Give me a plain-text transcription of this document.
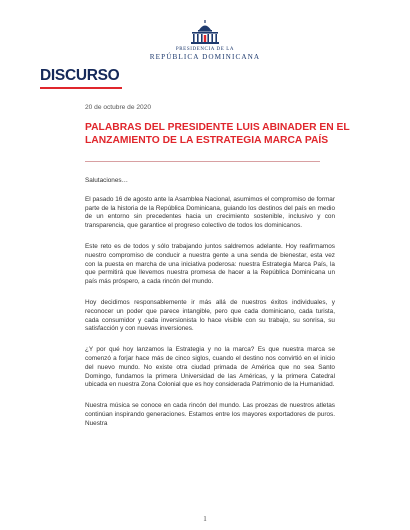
PRESIDENCIA DE LA
REPÚBLICA DOMINICANA
DISCURSO
20 de octubre de 2020
PALABRAS DEL PRESIDENTE LUIS ABINADER EN EL LANZAMIENTO DE LA ESTRATEGIA MARCA PAÍS

Salutaciones…

El pasado 16 de agosto ante la Asamblea Nacional, asumimos el compromiso de formar parte de la historia de la República Dominicana, guiando los destinos del país en medio de un entorno sin precedentes hacia un crecimiento sostenible, inclusivo y con transparencia, que garantice el progreso colectivo de todos los dominicanos.

Este reto es de todos y sólo trabajando juntos saldremos adelante. Hoy reafirmamos nuestro compromiso de conducir a nuestra gente a una senda de bienestar, esta vez con la puesta en marcha de una iniciativa poderosa: nuestra Estrategia Marca País, la que permitirá que llevemos nuestra promesa de hacer a la República Dominicana un país más próspero, a cada rincón del mundo.

Hoy decidimos responsablemente ir más allá de nuestros éxitos individuales, y reconocer un poder que parece intangible, pero que cada dominicano, cada turista, cada consumidor y cada inversionista lo hace visible con su trabajo, su sonrisa, su satisfacción y con nuevas inversiones.

¿Y por qué hoy lanzamos la Estrategia y no la marca? Es que nuestra marca se comenzó a forjar hace más de cinco siglos, cuando el destino nos convirtió en el inicio del nuevo mundo. No existe otra ciudad primada de América que no sea Santo Domingo, fundamos la primera Universidad de las Américas, y la primera Catedral ubicada en nuestra Zona Colonial que es hoy considerada Patrimonio de la Humanidad.

Nuestra música se conoce en cada rincón del mundo. Las proezas de nuestros atletas continúan inspirando generaciones. Estamos entre los mayores exportadores de puros. Nuestra

1
